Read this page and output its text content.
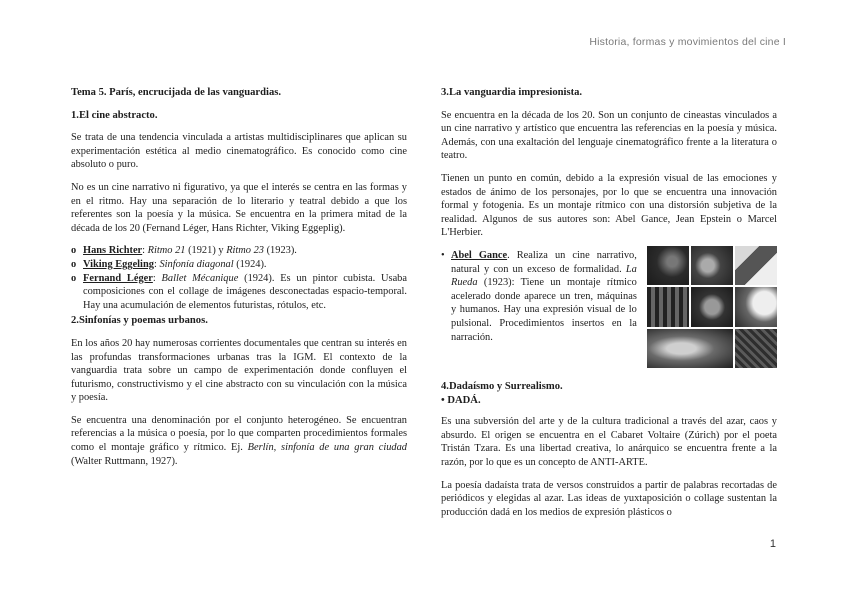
Historia, formas y movimientos del cine I
Tema 5. París, encrucijada de las vanguardias.
1.El cine abstracto.

Se trata de una tendencia vinculada a artistas multidisciplinares que aplican su experimentación estética al medio cinematográfico. Es conocido como cine absoluto o puro.

No es un cine narrativo ni figurativo, ya que el interés se centra en las formas y en el ritmo. Hay una separación de lo literario y teatral debido a que los referentes son la poesía y la música. Se encuentra en la primera mitad de la década de los 20 (Fernand Léger, Hans Richter, Viking Eggeplig).

o Hans Richter: Ritmo 21 (1921) y Ritmo 23 (1923).
o Viking Eggeling: Sinfonía diagonal (1924).
o Fernand Léger: Ballet Mécanique (1924). Es un pintor cubista. Usaba composiciones con el collage de imágenes desconectadas espacio-temporal. Hay una acumulación de elementos futuristas, rótulos, etc.
2.Sinfonías y poemas urbanos.

En los años 20 hay numerosas corrientes documentales que centran su interés en las profundas transformaciones urbanas tras la IGM. El contexto de la vanguardia trata sobre un campo de experimentación donde confluyen el futurismo, constructivismo y el cine abstracto con su vinculación con la música y poesía.

Se encuentra una denominación por el conjunto heterogéneo. Se encuentran referencias a la música o poesía, por lo que comparten procedimientos formales como el montaje gráfico y rítmico. Ej. Berlín, sinfonía de una gran ciudad (Walter Ruttmann, 1927).

3.La vanguardia impresionista.

Se encuentra en la década de los 20. Son un conjunto de cineastas vinculados a un cine narrativo y artístico que encuentra las referencias en la poesía y música. Además, con una exaltación del lenguaje cinematográfico frente a la literatura o teatro.

Tienen un punto en común, debido a la expresión visual de las emociones y estados de ánimo de los personajes, por lo que se encuentra una innovación formal y fotogenia. Es un montaje rítmico con una distorsión subjetiva de la realidad. Algunos de sus autores son: Abel Gance, Jean Epstein o Marcel L'Herbier.

• Abel Gance. Realiza un cine narrativo, natural y con un exceso de formalidad. La Rueda (1923): Tiene un montaje rítmico acelerado donde aparece un tren, máquinas y humanos. Hay una expresión visual de lo pulsional. Procedimientos insertos en la narración.
4.Dadaísmo y Surrealismo.
• DADÁ.

Es una subversión del arte y de la cultura tradicional a través del azar, caos y absurdo. El origen se encuentra en el Cabaret Voltaire (Zúrich) por el poeta Tristán Tzara. Es una libertad creativa, lo anárquico se encuentra frente a la razón, por lo que es un concepto de ANTI-ARTE.

La poesía dadaísta trata de versos construidos a partir de palabras recortadas de periódicos y elegidas al azar. Las ideas de yuxtaposición o collage sustentan la producción dadá en los medios de expresión plásticos o

1
